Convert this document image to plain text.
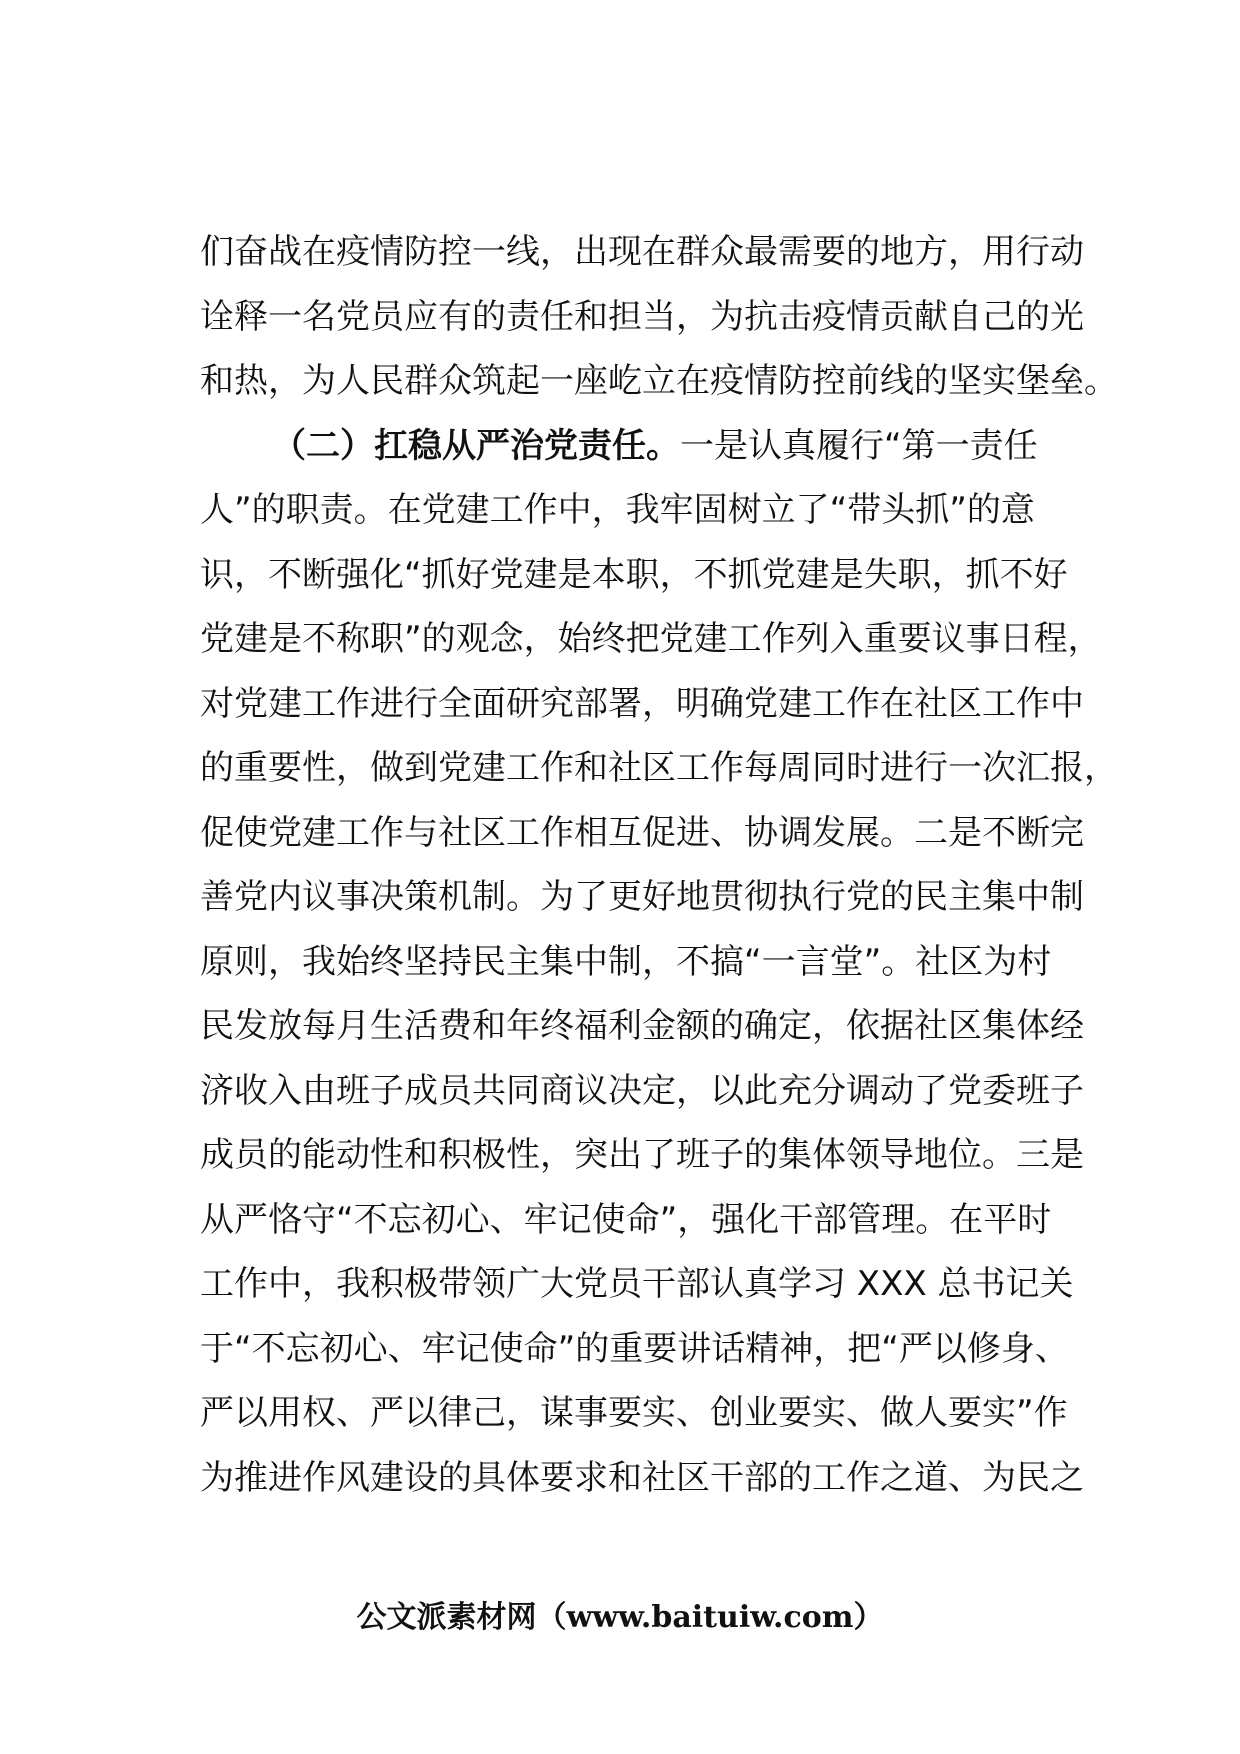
们奋战在疫情防控一线，出现在群众最需要的地方，用行动
诠释一名党员应有的责任和担当，为抗击疫情贡献自己的光
和热，为人民群众筑起一座屹立在疫情防控前线的坚实堡垒。
（二）扛稳从严治党责任。一是认真履行“第一责任
人”的职责。在党建工作中，我牢固树立了“带头抓”的意
识，不断强化“抓好党建是本职，不抓党建是失职，抓不好
党建是不称职”的观念，始终把党建工作列入重要议事日程，
对党建工作进行全面研究部署，明确党建工作在社区工作中
的重要性，做到党建工作和社区工作每周同时进行一次汇报，
促使党建工作与社区工作相互促进、协调发展。二是不断完
善党内议事决策机制。为了更好地贯彻执行党的民主集中制
原则，我始终坚持民主集中制，不搞“一言堂”。社区为村
民发放每月生活费和年终福利金额的确定，依据社区集体经
济收入由班子成员共同商议决定，以此充分调动了党委班子
成员的能动性和积极性，突出了班子的集体领导地位。三是
从严恪守“不忘初心、牢记使命”，强化干部管理。在平时
工作中，我积极带领广大党员干部认真学习 XXX 总书记关
于“不忘初心、牢记使命”的重要讲话精神，把“严以修身、
严以用权、严以律己，谋事要实、创业要实、做人要实”作
为推进作风建设的具体要求和社区干部的工作之道、为民之
公文派素材网（www.baituiw.com）
